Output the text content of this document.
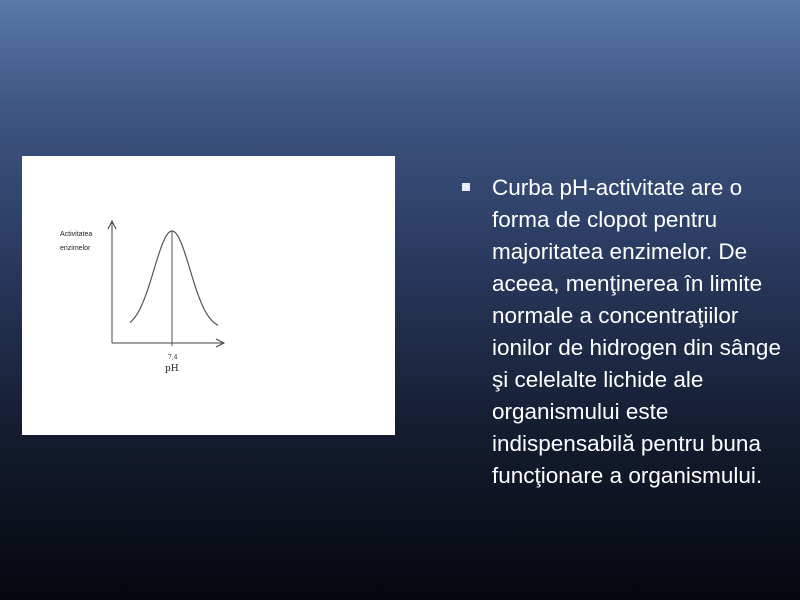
Activitatea
enzimelor
7,4
pH
Curba pH-activitate are o forma de clopot pentru majoritatea enzimelor. De aceea, menţinerea în limite normale a concentraţiilor ionilor de hidrogen din sânge şi celelalte lichide ale organismului este indispensabilă pentru buna funcţionare a organismului.
